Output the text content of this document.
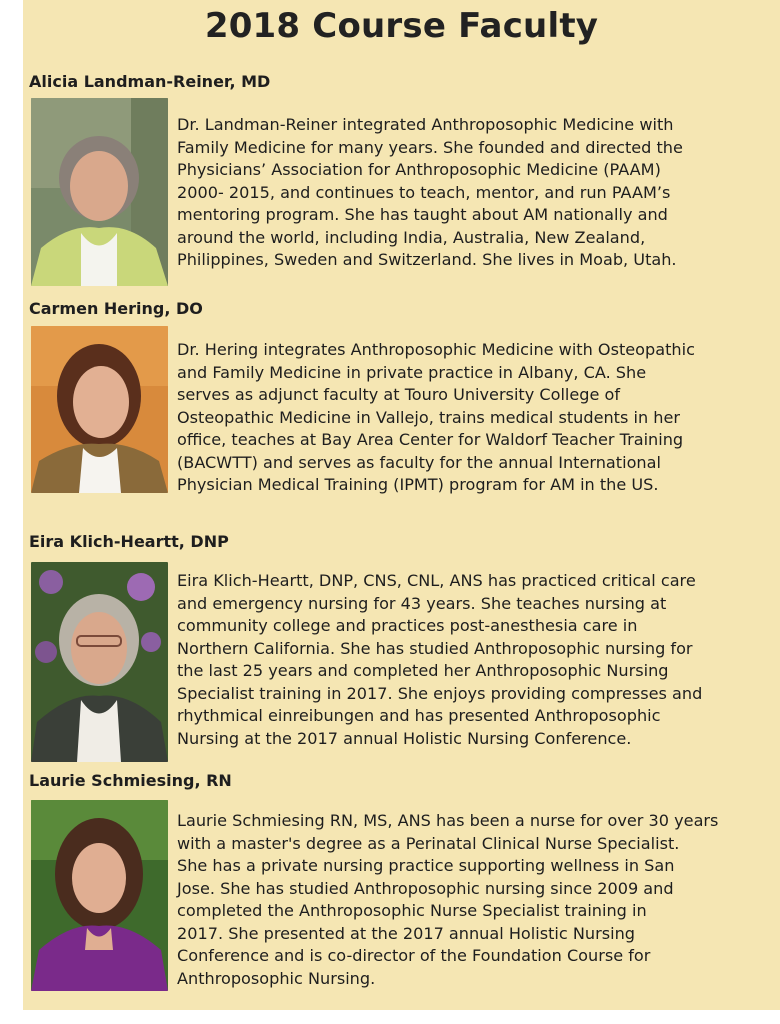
2018 Course Faculty
Alicia Landman-Reiner, MD
Dr. Landman-Reiner integrated Anthroposophic Medicine with
Family Medicine for many years. She founded and directed the
Physicians’ Association for Anthroposophic Medicine (PAAM)
2000- 2015, and continues to teach, mentor, and run PAAM’s
mentoring program. She has taught about AM nationally and
around the world, including India, Australia, New Zealand,
Philippines, Sweden and Switzerland. She lives in Moab, Utah.
Carmen Hering, DO
Dr. Hering integrates Anthroposophic Medicine with Osteopathic
and Family Medicine in private practice in Albany, CA. She
serves as adjunct faculty at Touro University College of
Osteopathic Medicine in Vallejo, trains medical students in her
office, teaches at Bay Area Center for Waldorf Teacher Training
(BACWTT) and serves as faculty for the annual International
Physician Medical Training (IPMT) program for AM in the US.
Eira Klich-Heartt, DNP
Eira Klich-Heartt, DNP, CNS, CNL, ANS has practiced critical care
and emergency nursing for 43 years. She teaches nursing at
community college and practices post-anesthesia care in
Northern California. She has studied Anthroposophic nursing for
the last 25 years and completed her Anthroposophic Nursing
Specialist training in 2017. She enjoys providing compresses and
rhythmical einreibungen and has presented Anthroposophic
Nursing at the 2017 annual Holistic Nursing Conference.
Laurie Schmiesing, RN
Laurie Schmiesing RN, MS, ANS has been a nurse for over 30 years
with a master's degree as a Perinatal Clinical Nurse Specialist.
She has a private nursing practice supporting wellness in San
Jose. She has studied Anthroposophic nursing since 2009 and
completed the Anthroposophic Nurse Specialist training in
2017. She presented at the 2017 annual Holistic Nursing
Conference and is co-director of the Foundation Course for
Anthroposophic Nursing.
